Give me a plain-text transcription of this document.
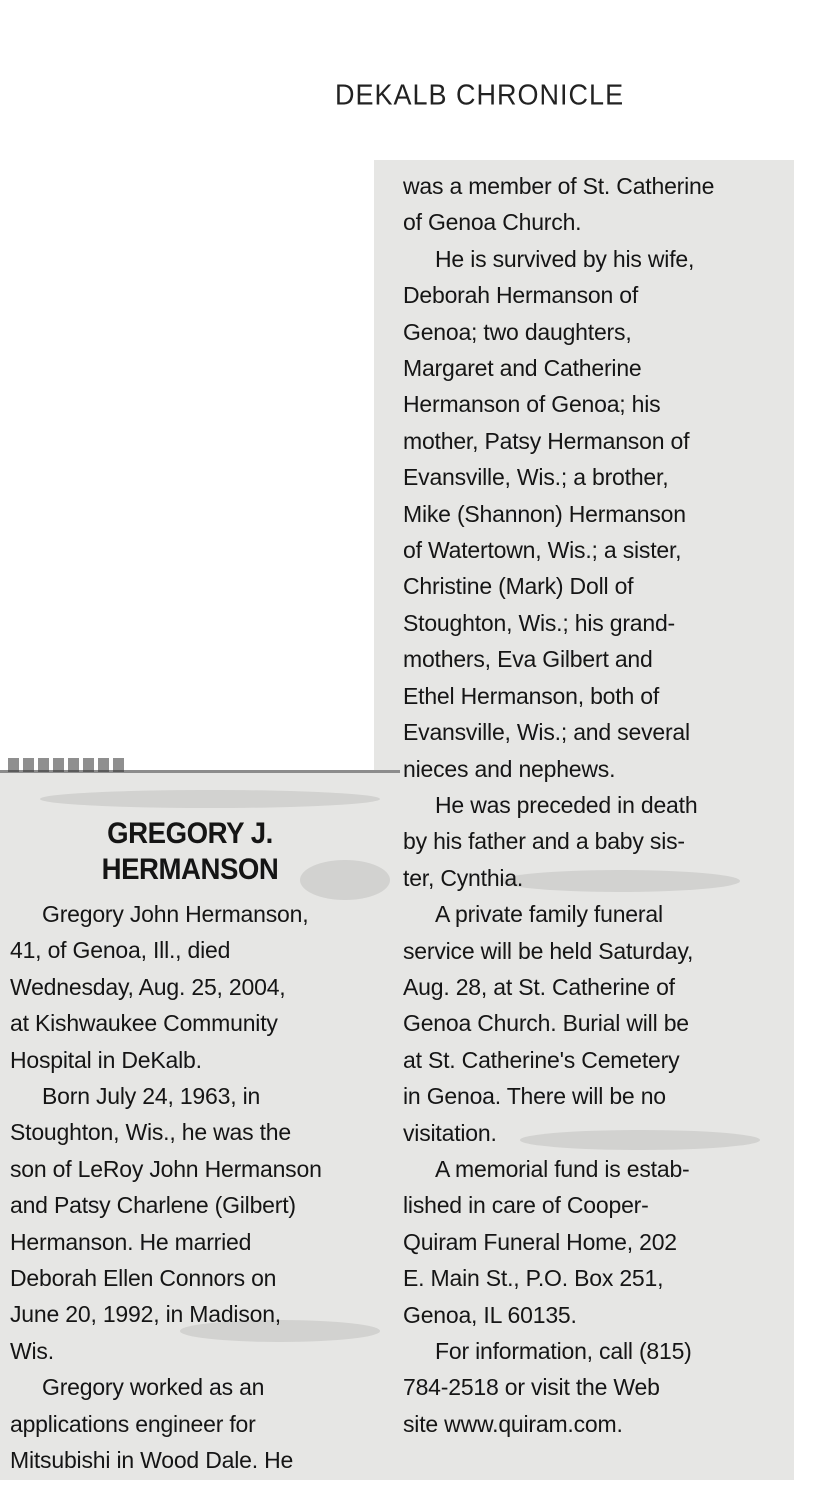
DEKALB CHRONICLE
GREGORY J.
HERMANSON

Gregory John Hermanson,

41, of Genoa, Ill., died

Wednesday, Aug. 25, 2004,

at Kishwaukee Community

Hospital in DeKalb.

Born July 24, 1963, in

Stoughton, Wis., he was the

son of LeRoy John Hermanson

and Patsy Charlene (Gilbert)

Hermanson. He married

Deborah Ellen Connors on

June 20, 1992, in Madison,

Wis.

Gregory worked as an

applications engineer for

Mitsubishi in Wood Dale. He

was a member of St. Catherine

of Genoa Church.

He is survived by his wife,

Deborah Hermanson of

Genoa; two daughters,

Margaret and Catherine

Hermanson of Genoa; his

mother, Patsy Hermanson of

Evansville, Wis.; a brother,

Mike (Shannon) Hermanson

of Watertown, Wis.; a sister,

Christine (Mark) Doll of

Stoughton, Wis.; his grand-

mothers, Eva Gilbert and

Ethel Hermanson, both of

Evansville, Wis.; and several

nieces and nephews.

He was preceded in death

by his father and a baby sis-

ter, Cynthia.

A private family funeral

service will be held Saturday,

Aug. 28, at St. Catherine of

Genoa Church. Burial will be

at St. Catherine's Cemetery

in Genoa. There will be no

visitation.

A memorial fund is estab-

lished in care of Cooper-

Quiram Funeral Home, 202

E. Main St., P.O. Box 251,

Genoa, IL 60135.

For information, call (815)

784-2518 or visit the Web

site www.quiram.com.
